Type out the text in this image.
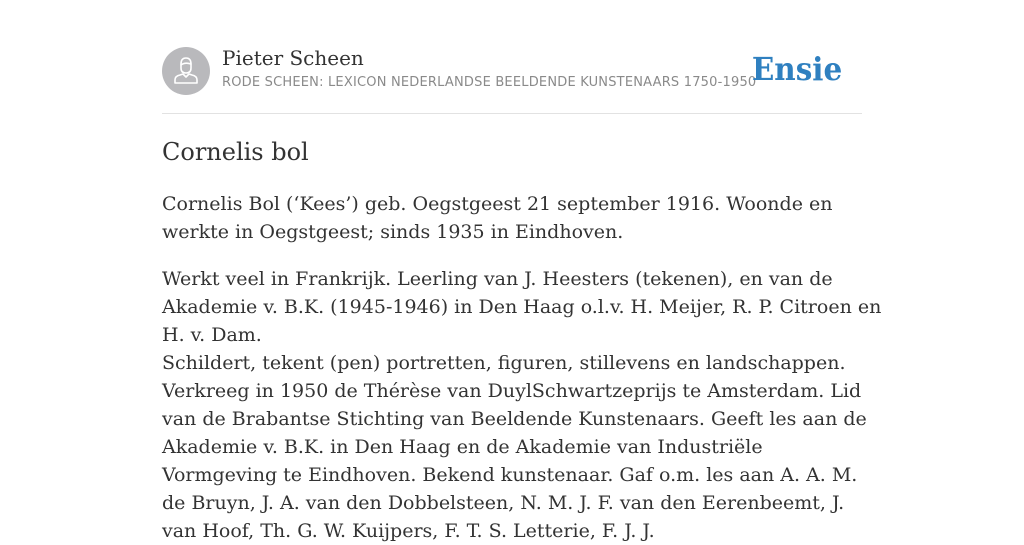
Pieter Scheen
RODE SCHEEN: LEXICON NEDERLANDSE BEELDENDE KUNSTENAARS 1750-1950
Ensie
Cornelis bol

Cornelis Bol (‘Kees’) geb. Oegstgeest 21 september 1916. Woonde en werkte in Oegstgeest; sinds 1935 in Eindhoven.

Werkt veel in Frankrijk. Leerling van J. Heesters (tekenen), en van de Akademie v. B.K. (1945-1946) in Den Haag o.l.v. H. Meijer, R. P. Citroen en H. v. Dam.

Schildert, tekent (pen) portretten, figuren, stillevens en landschappen. Verkreeg in 1950 de Thérèse van DuylSchwartzeprijs te Amsterdam. Lid van de Brabantse Stichting van Beeldende Kunstenaars. Geeft les aan de Akademie v. B.K. in Den Haag en de Akademie van Industriële Vormgeving te Eindhoven. Bekend kunstenaar. Gaf o.m. les aan A. A. M. de Bruyn, J. A. van den Dobbelsteen, N. M. J. F. van den Eerenbeemt, J. van Hoof, Th. G. W. Kuijpers, F. T. S. Letterie, F. J. J.
